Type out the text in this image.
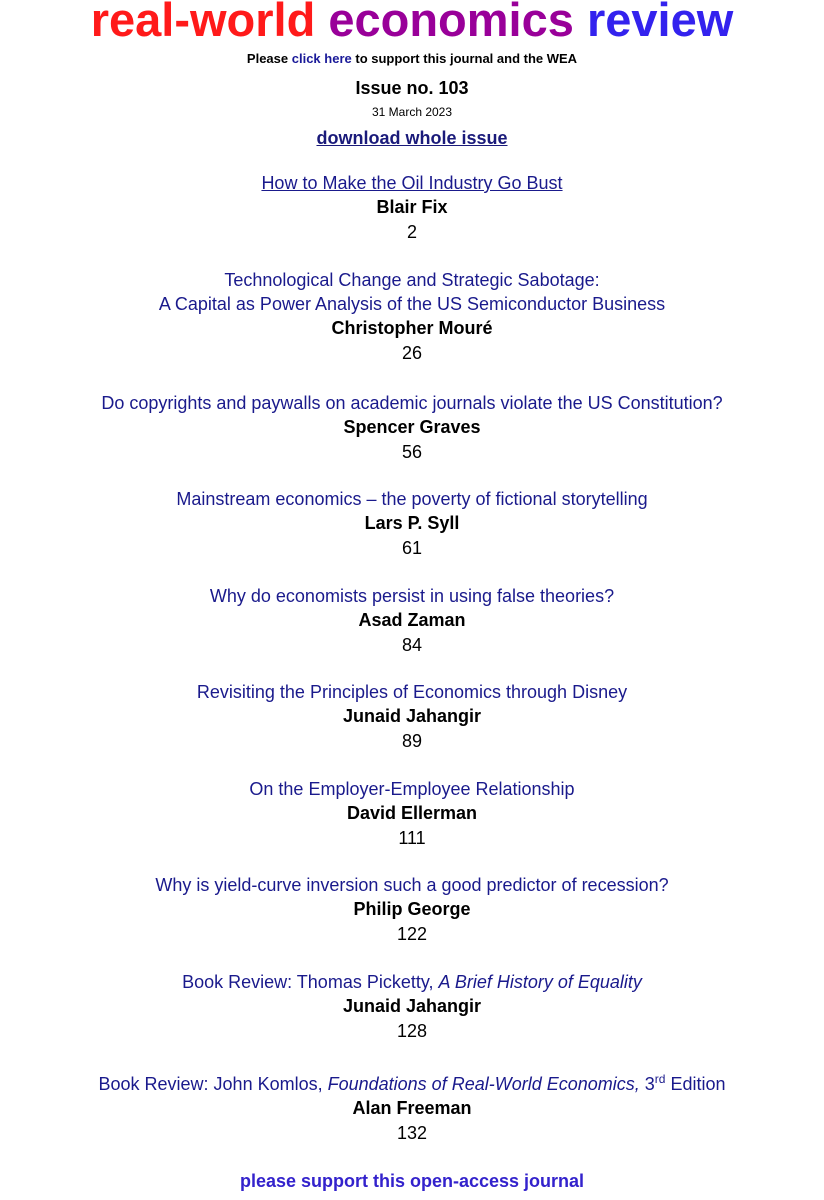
real-world economics review
Please click here to support this journal and the WEA
Issue no. 103
31 March 2023
download whole issue
How to Make the Oil Industry Go Bust
Blair Fix
2
Technological Change and Strategic Sabotage:
A Capital as Power Analysis of the US Semiconductor Business
Christopher Mouré
26
Do copyrights and paywalls on academic journals violate the US Constitution?
Spencer Graves
56
Mainstream economics – the poverty of fictional storytelling
Lars P. Syll
61
Why do economists persist in using false theories?
Asad Zaman
84
Revisiting the Principles of Economics through Disney
Junaid Jahangir
89
On the Employer-Employee Relationship
David Ellerman
111
Why is yield-curve inversion such a good predictor of recession?
Philip George
122
Book Review: Thomas Picketty, A Brief History of Equality
Junaid Jahangir
128
Book Review: John Komlos, Foundations of Real-World Economics, 3rd Edition
Alan Freeman
132
please support this open-access journal
